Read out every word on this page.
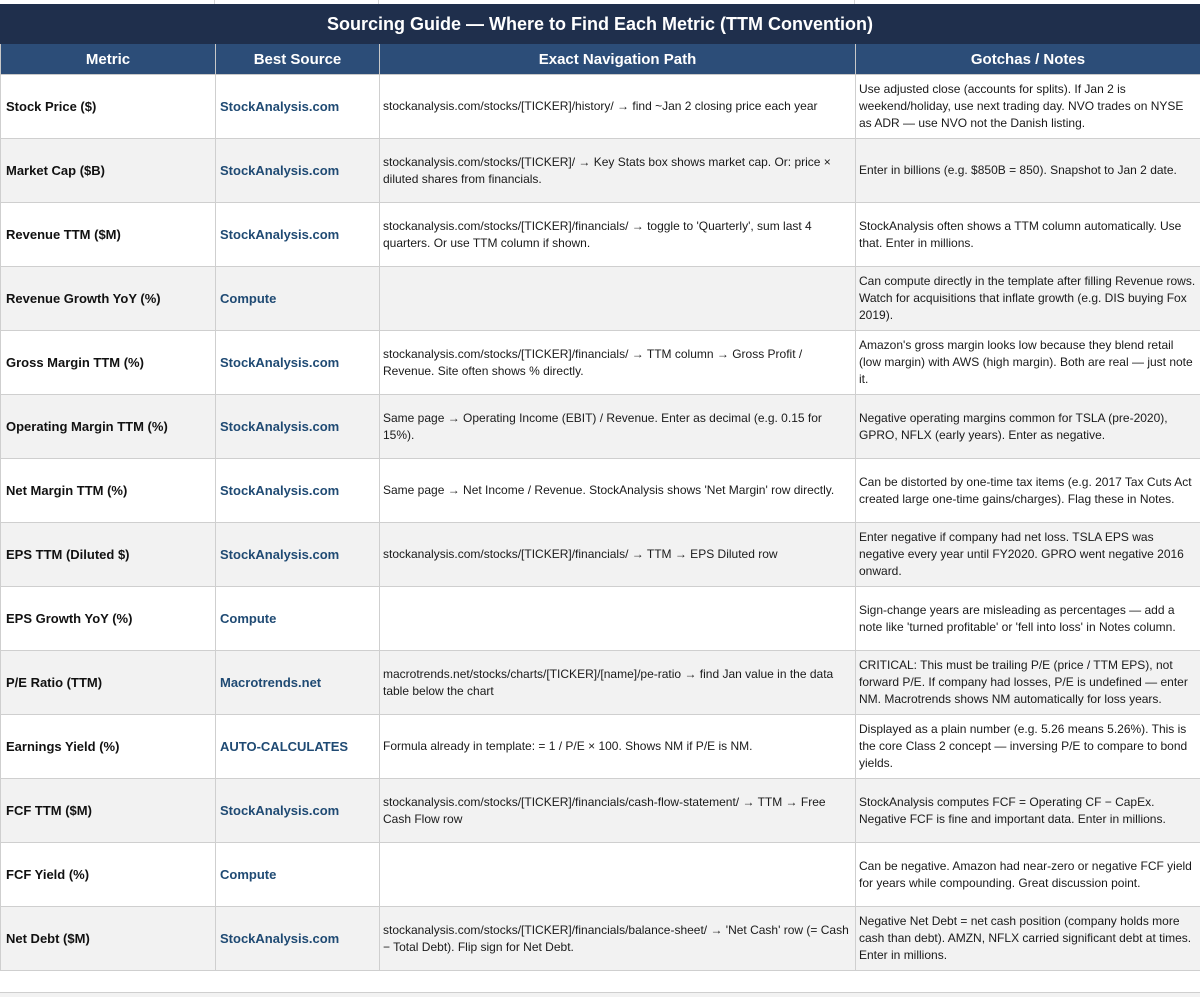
Sourcing Guide — Where to Find Each Metric (TTM Convention)
Metric	Best Source	Exact Navigation Path	Gotchas / Notes
Stock Price ($)	StockAnalysis.com	stockanalysis.com/stocks/[TICKER]/history/ → find ~Jan 2 closing price each year	Use adjusted close (accounts for splits). If Jan 2 is weekend/holiday, use next trading day. NVO trades on NYSE as ADR — use NVO not the Danish listing.
Market Cap ($B)	StockAnalysis.com	stockanalysis.com/stocks/[TICKER]/ → Key Stats box shows market cap. Or: price × diluted shares from financials.	Enter in billions (e.g. $850B = 850). Snapshot to Jan 2 date.
Revenue TTM ($M)	StockAnalysis.com	stockanalysis.com/stocks/[TICKER]/financials/ → toggle to 'Quarterly', sum last 4 quarters. Or use TTM column if shown.	StockAnalysis often shows a TTM column automatically. Use that. Enter in millions.
Revenue Growth YoY (%)	Compute		Can compute directly in the template after filling Revenue rows. Watch for acquisitions that inflate growth (e.g. DIS buying Fox 2019).
Gross Margin TTM (%)	StockAnalysis.com	stockanalysis.com/stocks/[TICKER]/financials/ → TTM column → Gross Profit / Revenue. Site often shows % directly.	Amazon's gross margin looks low because they blend retail (low margin) with AWS (high margin). Both are real — just note it.
Operating Margin TTM (%)	StockAnalysis.com	Same page → Operating Income (EBIT) / Revenue. Enter as decimal (e.g. 0.15 for 15%).	Negative operating margins common for TSLA (pre-2020), GPRO, NFLX (early years). Enter as negative.
Net Margin TTM (%)	StockAnalysis.com	Same page → Net Income / Revenue. StockAnalysis shows 'Net Margin' row directly.	Can be distorted by one-time tax items (e.g. 2017 Tax Cuts Act created large one-time gains/charges). Flag these in Notes.
EPS TTM (Diluted $)	StockAnalysis.com	stockanalysis.com/stocks/[TICKER]/financials/ → TTM → EPS Diluted row	Enter negative if company had net loss. TSLA EPS was negative every year until FY2020. GPRO went negative 2016 onward.
EPS Growth YoY (%)	Compute		Sign-change years are misleading as percentages — add a note like 'turned profitable' or 'fell into loss' in Notes column.
P/E Ratio (TTM)	Macrotrends.net	macrotrends.net/stocks/charts/[TICKER]/[name]/pe-ratio → find Jan value in the data table below the chart	CRITICAL: This must be trailing P/E (price / TTM EPS), not forward P/E. If company had losses, P/E is undefined — enter NM. Macrotrends shows NM automatically for loss years.
Earnings Yield (%)	AUTO-CALCULATES	Formula already in template: = 1 / P/E × 100. Shows NM if P/E is NM.	Displayed as a plain number (e.g. 5.26 means 5.26%). This is the core Class 2 concept — inversing P/E to compare to bond yields.
FCF TTM ($M)	StockAnalysis.com	stockanalysis.com/stocks/[TICKER]/financials/cash-flow-statement/ → TTM → Free Cash Flow row	StockAnalysis computes FCF = Operating CF − CapEx. Negative FCF is fine and important data. Enter in millions.
FCF Yield (%)	Compute		Can be negative. Amazon had near-zero or negative FCF yield for years while compounding. Great discussion point.
Net Debt ($M)	StockAnalysis.com	stockanalysis.com/stocks/[TICKER]/financials/balance-sheet/ → 'Net Cash' row (= Cash − Total Debt). Flip sign for Net Debt.	Negative Net Debt = net cash position (company holds more cash than debt). AMZN, NFLX carried significant debt at times. Enter in millions.
